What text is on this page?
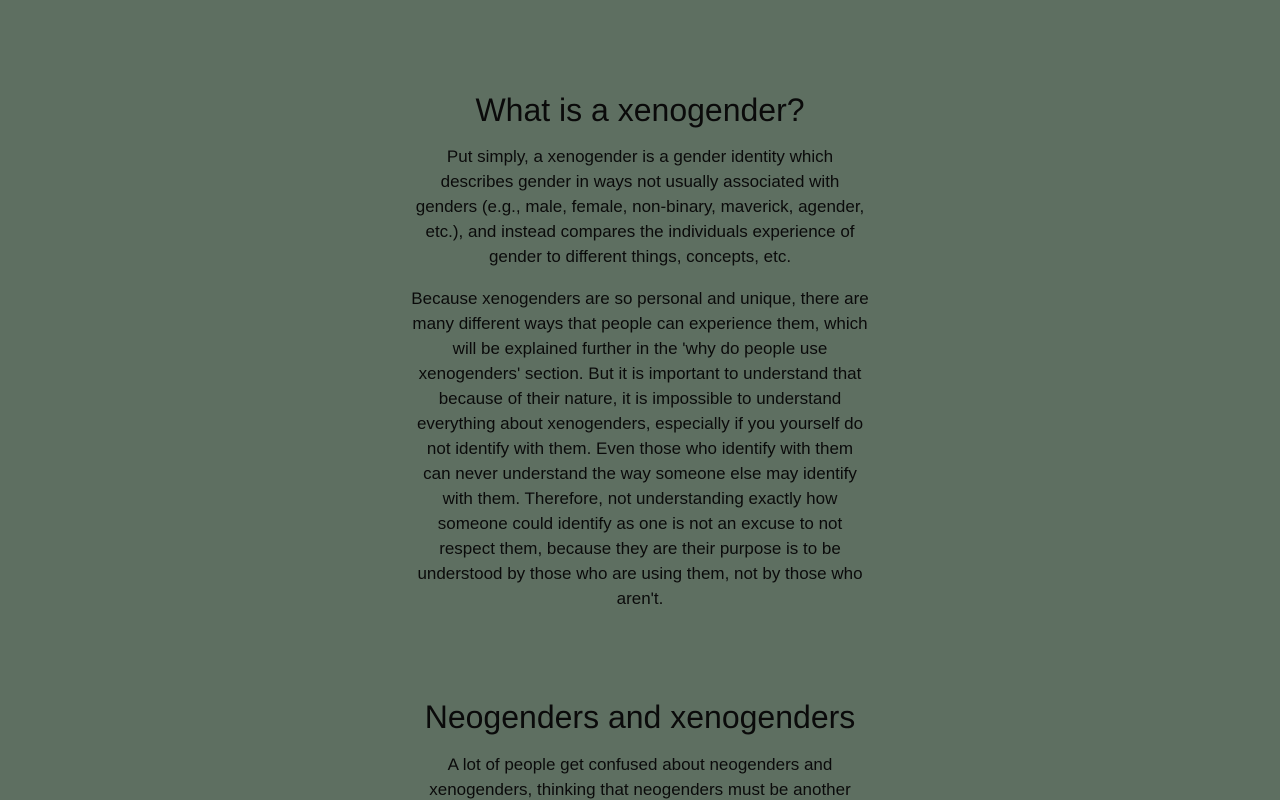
What is a xenogender?

Put simply, a xenogender is a gender identity which describes gender in ways not usually associated with genders (e.g., male, female, non-binary, maverick, agender, etc.), and instead compares the individuals experience of gender to different things, concepts, etc.

Because xenogenders are so personal and unique, there are many different ways that people can experience them, which will be explained further in the 'why do people use xenogenders' section. But it is important to understand that because of their nature, it is impossible to understand everything about xenogenders, especially if you yourself do not identify with them. Even those who identify with them can never understand the way someone else may identify with them. Therefore, not understanding exactly how someone could identify as one is not an excuse to not respect them, because they are their purpose is to be understood by those who are using them, not by those who aren't.

Neogenders and xenogenders

A lot of people get confused about neogenders and xenogenders, thinking that neogenders must be another
